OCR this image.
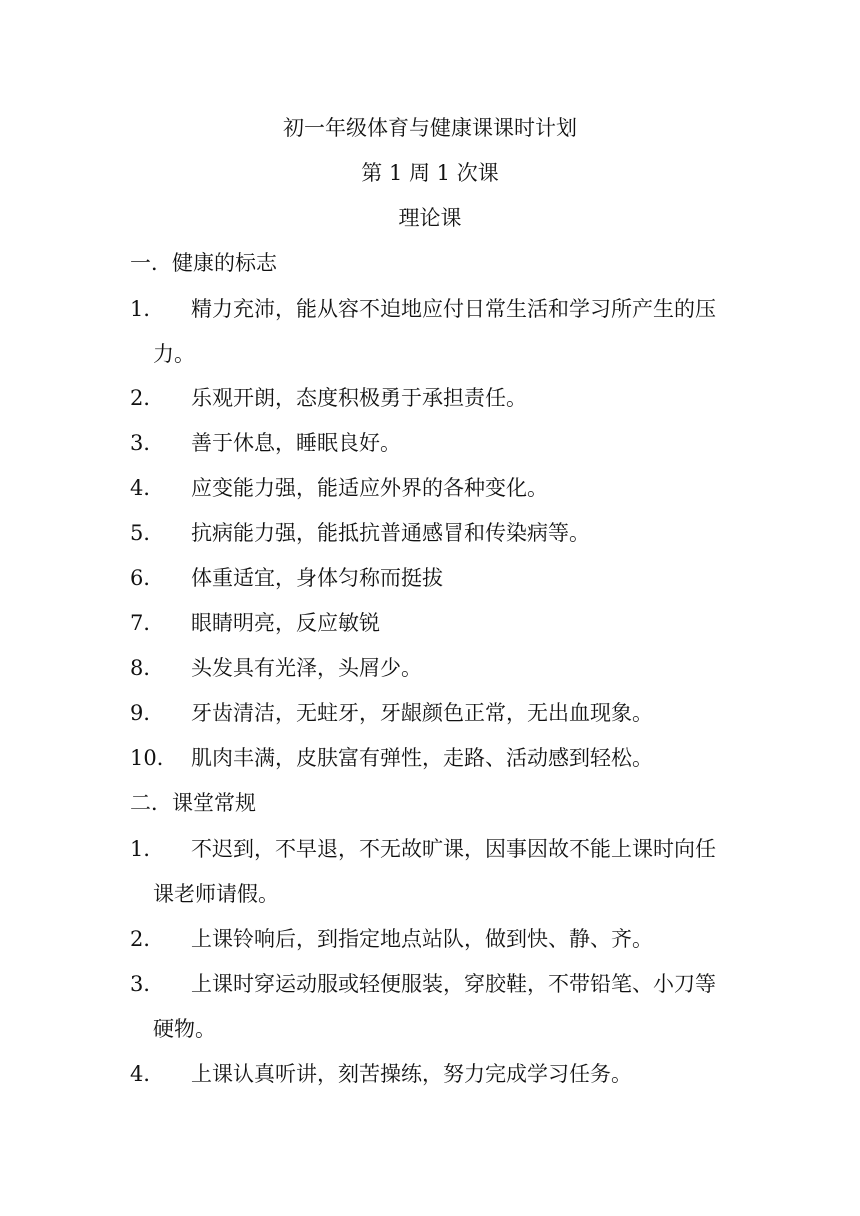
初一年级体育与健康课课时计划
第 1 周 1 次课
理论课
一．健康的标志
1． 精力充沛，能从容不迫地应付日常生活和学习所产生的压
力。
2． 乐观开朗，态度积极勇于承担责任。
3． 善于休息，睡眠良好。
4． 应变能力强，能适应外界的各种变化。
5． 抗病能力强，能抵抗普通感冒和传染病等。
6． 体重适宜，身体匀称而挺拔
7． 眼睛明亮，反应敏锐
8． 头发具有光泽，头屑少。
9． 牙齿清洁，无蛀牙，牙龈颜色正常，无出血现象。
10． 肌肉丰满，皮肤富有弹性，走路、活动感到轻松。
二．课堂常规
1． 不迟到，不早退，不无故旷课，因事因故不能上课时向任
课老师请假。
2． 上课铃响后，到指定地点站队，做到快、静、齐。
3． 上课时穿运动服或轻便服装，穿胶鞋，不带铅笔、小刀等
硬物。
4． 上课认真听讲，刻苦操练，努力完成学习任务。
